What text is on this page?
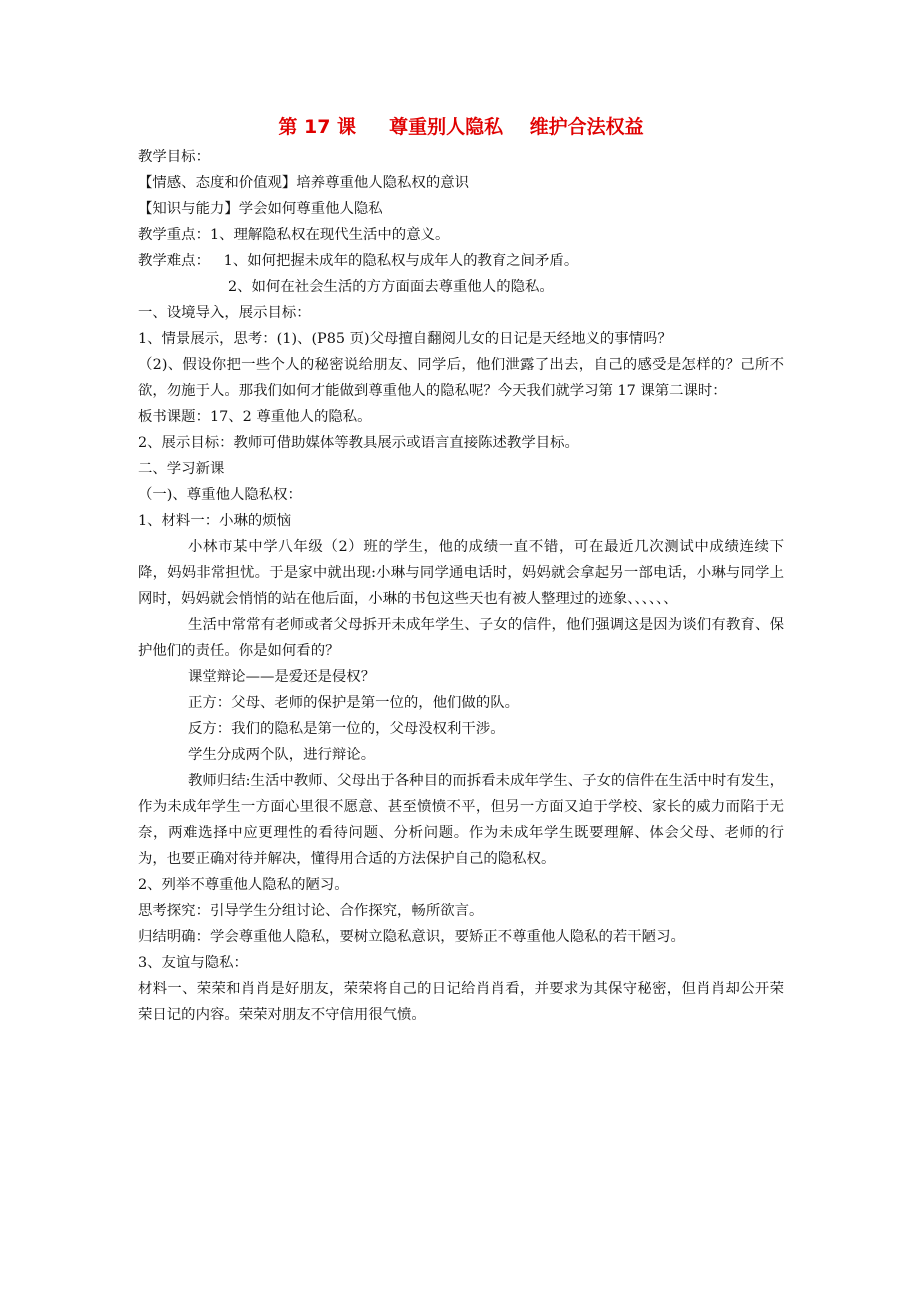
第 17 课     尊重别人隐私    维护合法权益

教学目标：

【情感、态度和价值观】培养尊重他人隐私权的意识

【知识与能力】学会如何尊重他人隐私

教学重点：1、理解隐私权在现代生活中的意义。

教学难点：   1、如何把握未成年的隐私权与成年人的教育之间矛盾。

2、如何在社会生活的方方面面去尊重他人的隐私。

一、设境导入，展示目标：

1、情景展示，思考：(1)、(P85 页)父母擅自翻阅儿女的日记是天经地义的事情吗？

（2)、假设你把一些个人的秘密说给朋友、同学后，他们泄露了出去，自己的感受是怎样的？己所不欲，勿施于人。那我们如何才能做到尊重他人的隐私呢？今天我们就学习第 17 课第二课时：

板书课题：17、2 尊重他人的隐私。

2、展示目标：教师可借助媒体等教具展示或语言直接陈述教学目标。

二、学习新课

（一)、尊重他人隐私权：

1、材料一：小琳的烦恼

小林市某中学八年级（2）班的学生，他的成绩一直不错，可在最近几次测试中成绩连续下降，妈妈非常担忧。于是家中就出现:小琳与同学通电话时，妈妈就会拿起另一部电话，小琳与同学上网时，妈妈就会悄悄的站在他后面，小琳的书包这些天也有被人整理过的迹象、、、、、、

生活中常常有老师或者父母拆开未成年学生、子女的信件，他们强调这是因为谈们有教育、保护他们的责任。你是如何看的？

课堂辩论——是爱还是侵权？

正方：父母、老师的保护是第一位的，他们做的队。

反方：我们的隐私是第一位的，父母没权利干涉。

学生分成两个队，进行辩论。

教师归结:生活中教师、父母出于各种目的而拆看未成年学生、子女的信件在生活中时有发生，作为未成年学生一方面心里很不愿意、甚至愤愤不平，但另一方面又迫于学校、家长的威力而陷于无奈，两难选择中应更理性的看待问题、分析问题。作为未成年学生既要理解、体会父母、老师的行为，也要正确对待并解决，懂得用合适的方法保护自己的隐私权。

2、列举不尊重他人隐私的陋习。

思考探究：引导学生分组讨论、合作探究，畅所欲言。

归结明确：学会尊重他人隐私，要树立隐私意识，要矫正不尊重他人隐私的若干陋习。

3、友谊与隐私：

材料一、荣荣和肖肖是好朋友，荣荣将自己的日记给肖肖看，并要求为其保守秘密，但肖肖却公开荣荣日记的内容。荣荣对朋友不守信用很气愤。
